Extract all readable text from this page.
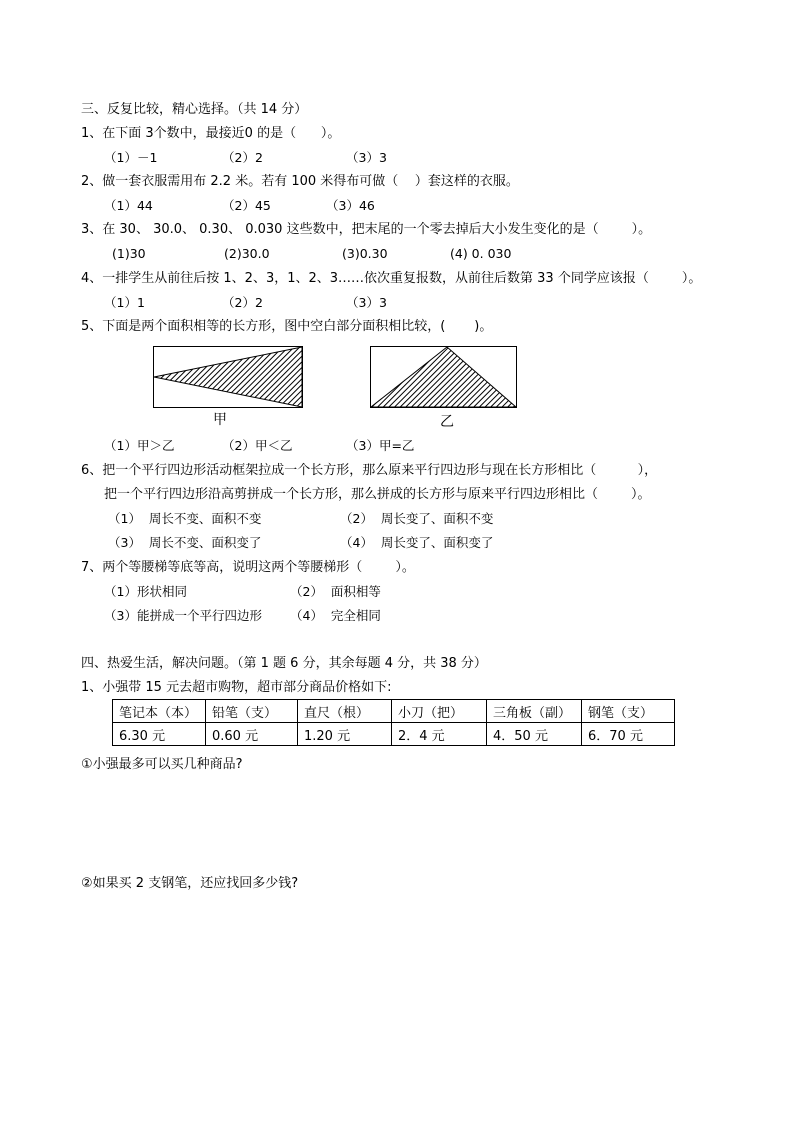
三、反复比较，精心选择。（共 14 分）
1、在下面 3个数中，最接近0 的是（      ）。
（1）－1	（2）2	（3）3
2、做一套衣服需用布 2.2 米。若有 100 米得布可做（    ）套这样的衣服。
（1）44	（2）45	（3）46
3、在 30、 30.0、 0.30、 0.030 这些数中，把末尾的一个零去掉后大小发生变化的是（        ）。
(1)30	(2)30.0	(3)0.30	(4) 0. 030
4、一排学生从前往后按 1、2、3，1、2、3……依次重复报数，从前往后数第 33 个同学应该报（        ）。
（1）1	（2）2	（3）3
5、下面是两个面积相等的长方形，图中空白部分面积相比较，(       )。
甲	乙
（1）甲＞乙	（2）甲＜乙	（3）甲=乙
6、把一个平行四边形活动框架拉成一个长方形，那么原来平行四边形与现在长方形相比（          ），
把一个平行四边形沿高剪拼成一个长方形，那么拼成的长方形与原来平行四边形相比（        ）。
（1）  周长不变、面积不变	（2）  周长变了、面积不变
（3）  周长不变、面积变了	（4）  周长变了、面积变了
7、两个等腰梯等底等高，说明这两个等腰梯形（        ）。
（1）形状相同	（2）  面积相等
（3）能拼成一个平行四边形 （4）  完全相同
四、热爱生活，解决问题。（第 1 题 6 分，其余每题 4 分，共 38 分）
1、小强带 15 元去超市购物，超市部分商品价格如下:
笔记本（本）	铅笔（支）	直尺（根）	小刀（把）	三角板（副）	钢笔（支）
6.30 元	0.60 元	1.20 元	2．4 元	4．50 元	6．70 元
①小强最多可以买几种商品?
②如果买 2 支钢笔，还应找回多少钱?
